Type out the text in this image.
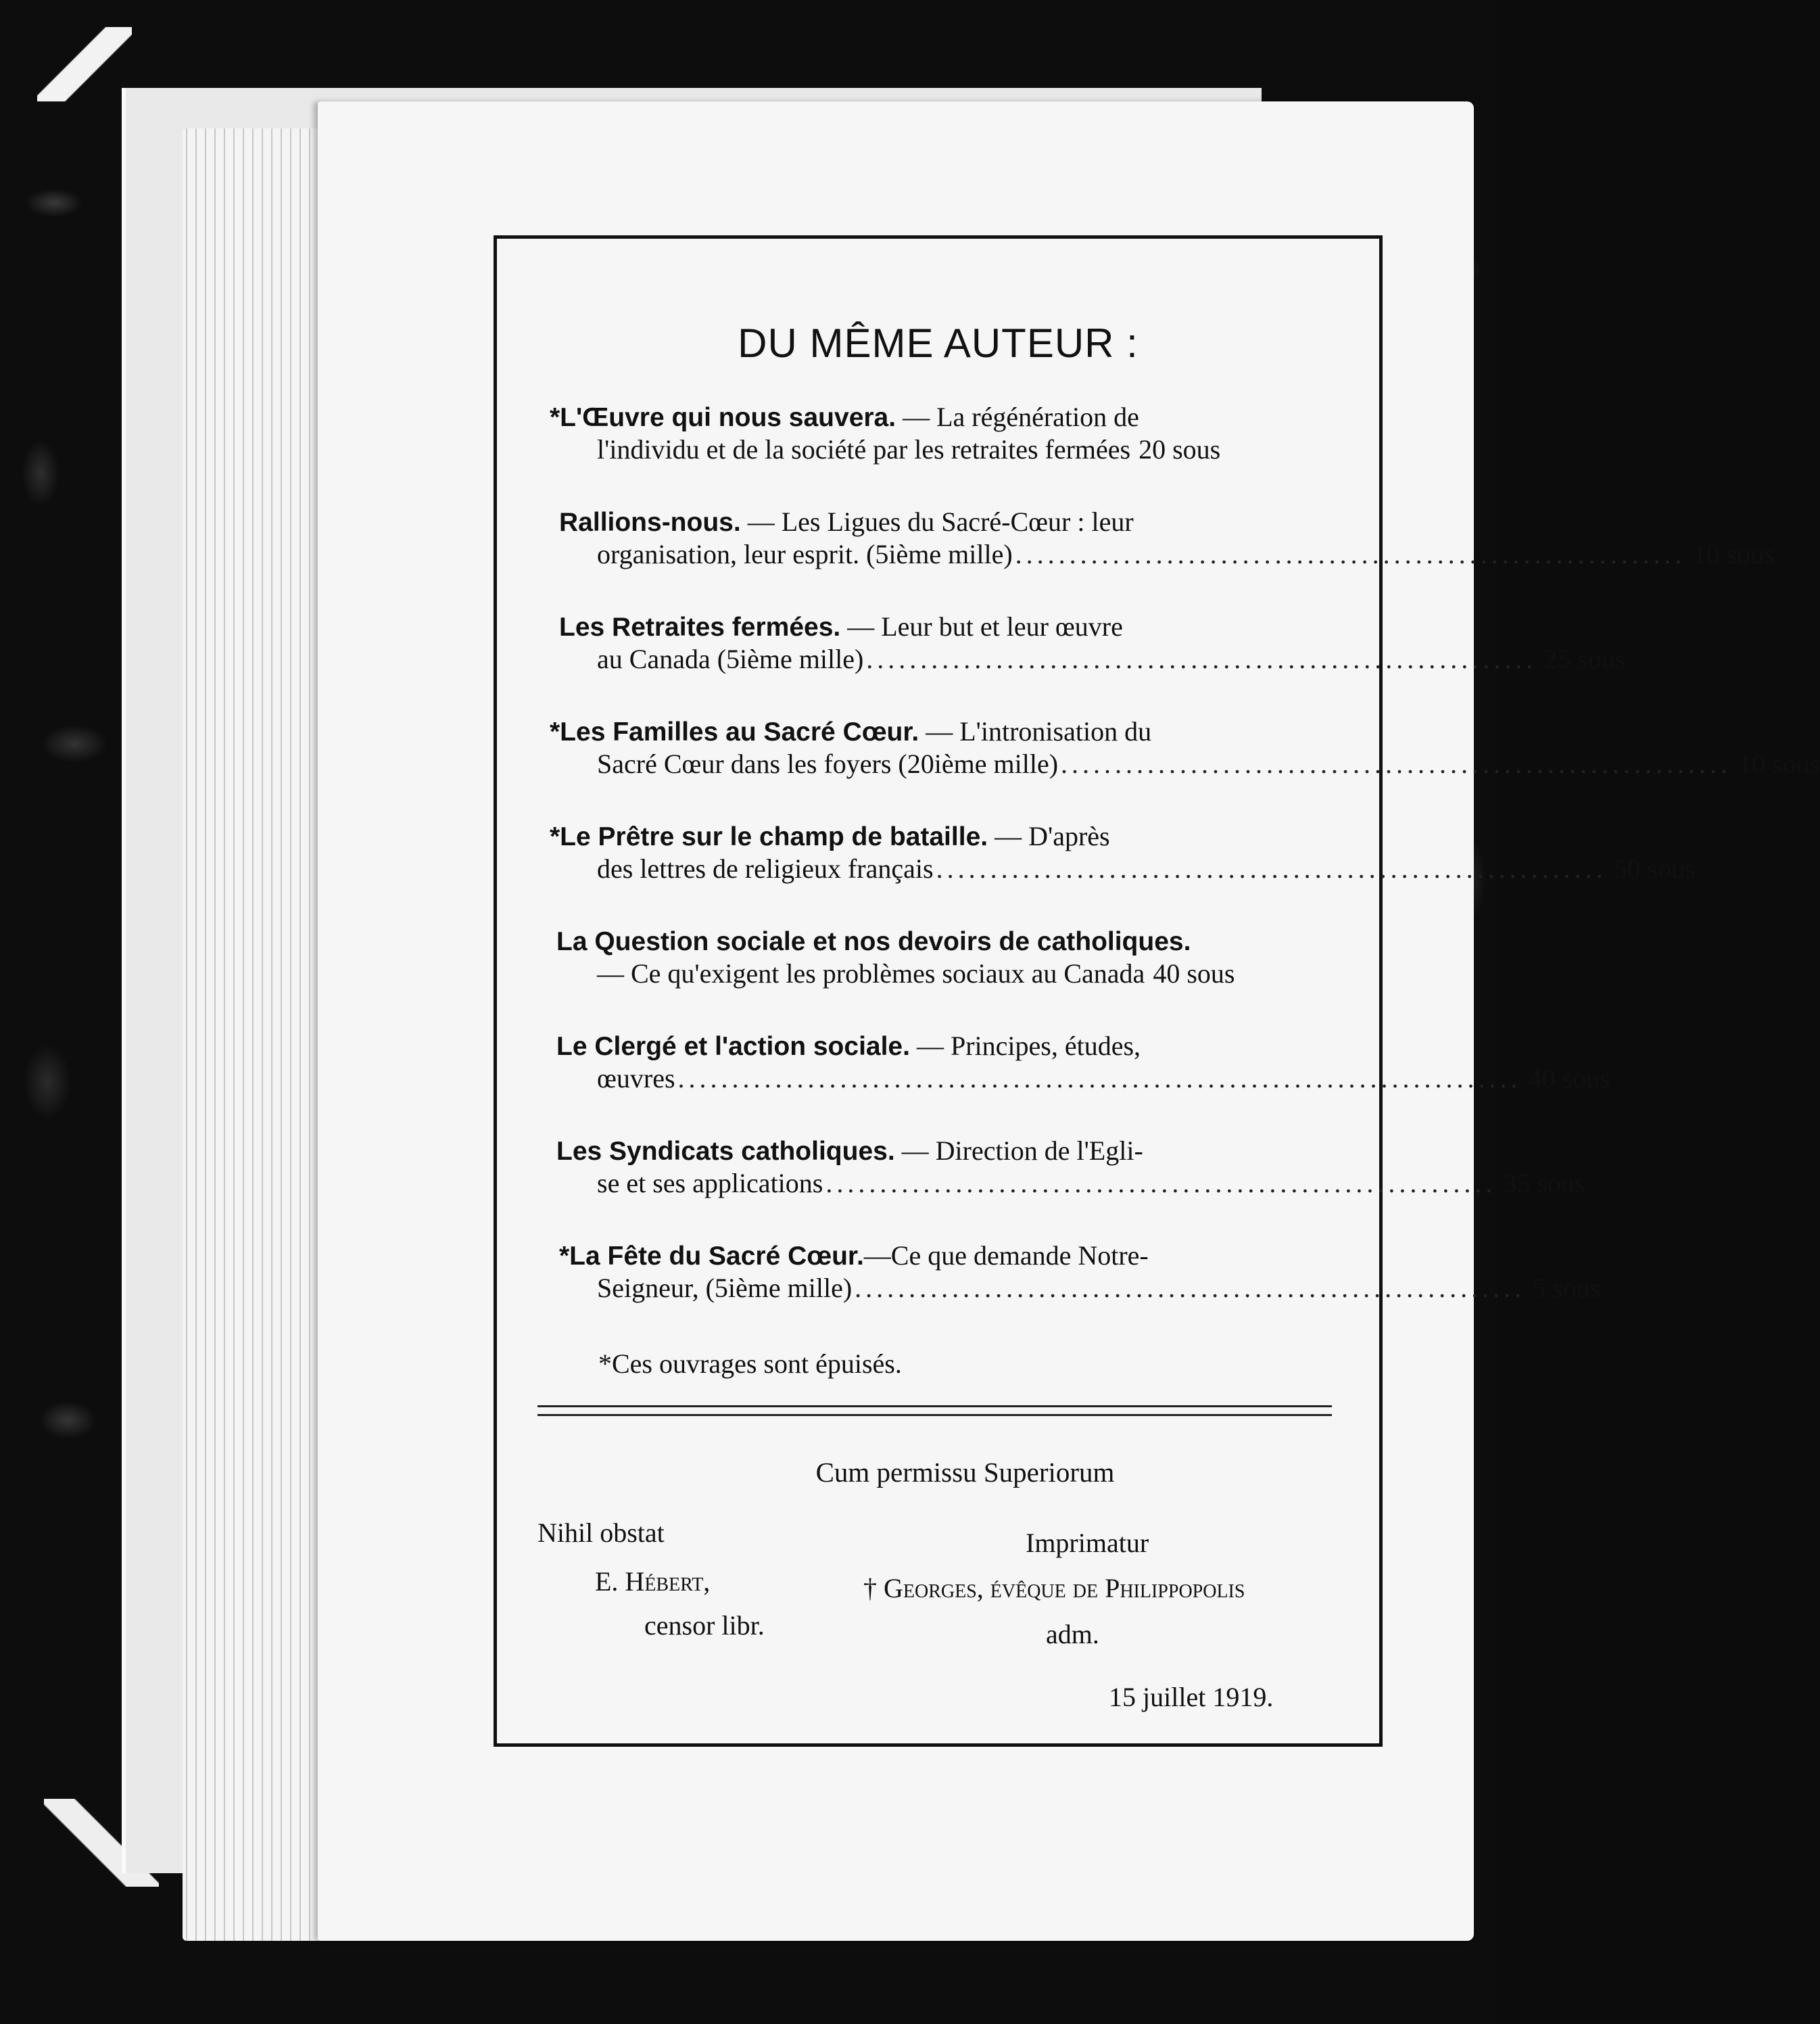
DU MÊME AUTEUR :
*L'Œuvre qui nous sauvera. — La régénération de
l'individu et de la société par les retraites fermées 20 sous
Rallions-nous. — Les Ligues du Sacré-Cœur : leur
organisation, leur esprit. (5ième mille) .............................................................. 10 sous
Les Retraites fermées. — Leur but et leur œuvre
au Canada (5ième mille) .............................................................. 25 sous
*Les Familles au Sacré Cœur. — L'intronisation du
Sacré Cœur dans les foyers (20ième mille) .............................................................. 10 sous
*Le Prêtre sur le champ de bataille. — D'après
des lettres de religieux français .............................................................. 50 sous
La Question sociale et nos devoirs de catholiques.
— Ce qu'exigent les problèmes sociaux au Canada 40 sous
Le Clergé et l'action sociale. — Principes, études,
œuvres .............................................................................. 40 sous
Les Syndicats catholiques. — Direction de l'Egli-
se et ses applications .............................................................. 35 sous
*La Fête du Sacré Cœur.—Ce que demande Notre-
Seigneur, (5ième mille) .............................................................. 5 sous
*Ces ouvrages sont épuisés.
Cum permissu Superiorum
Nihil obstat
E. Hébert,
censor libr.
Imprimatur
† Georges, évêque de Philippopolis
adm.
15 juillet 1919.
